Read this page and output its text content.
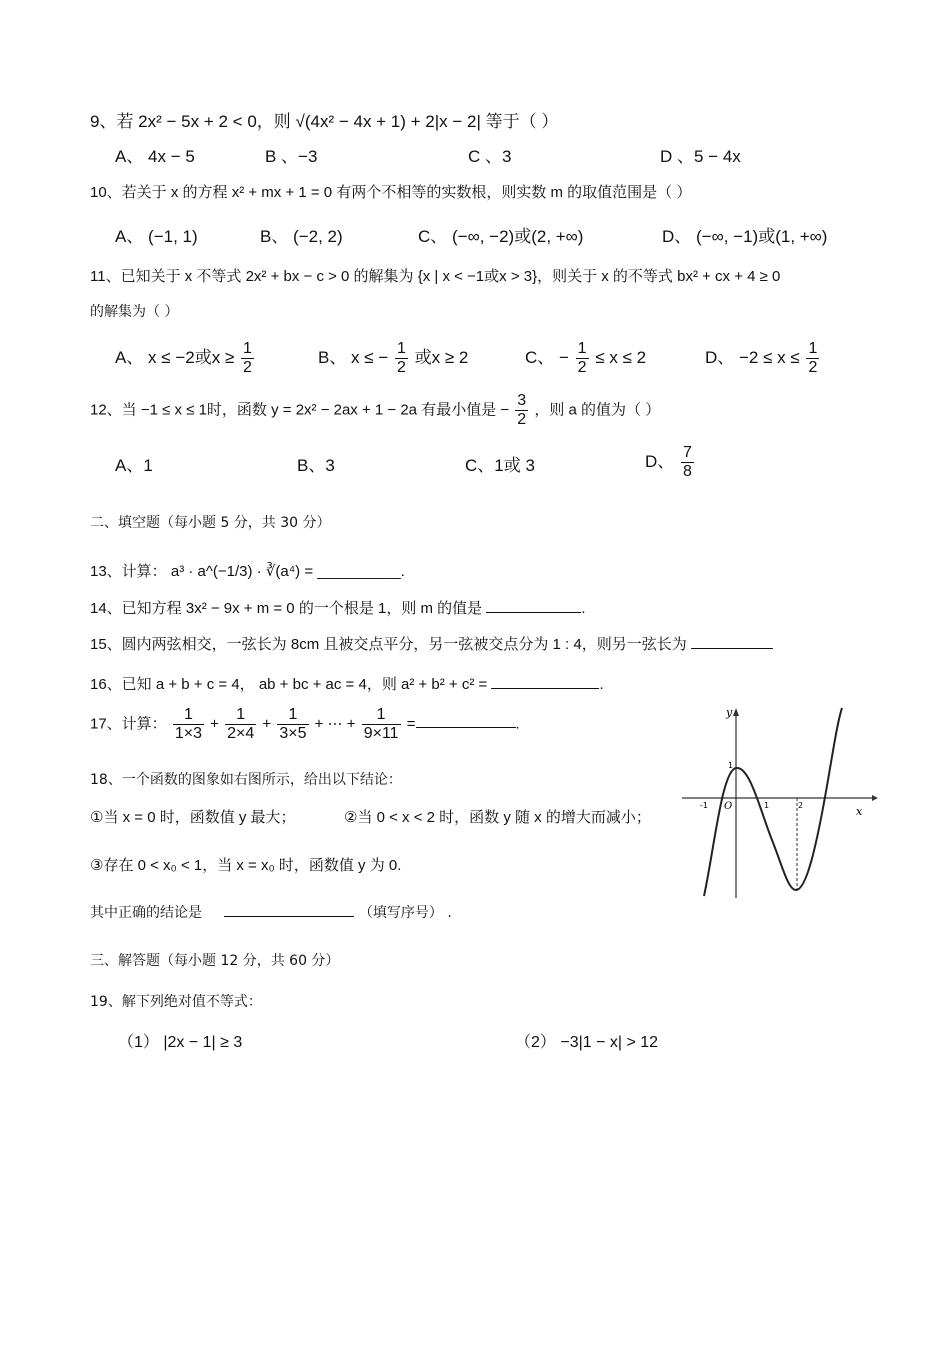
9、若 2x² − 5x + 2 < 0，则 √(4x² − 4x + 1) + 2|x − 2| 等于（ ）
A、 4x − 5	B 、−3	C 、3	D 、5 − 4x
10、若关于 x 的方程 x² + mx + 1 = 0 有两个不相等的实数根，则实数 m 的取值范围是（ ）
A、 (−1, 1)	B、 (−2, 2)	C、 (−∞, −2)或(2, +∞)	D、 (−∞, −1)或(1, +∞)
11、已知关于 x 不等式 2x² + bx − c > 0 的解集为 {x | x < −1或x > 3}，则关于 x 的不等式 bx² + cx + 4 ≥ 0
的解集为（ ）
A、 x ≤ −2或$x \ge \frac{1}{2}$	B、 x ≤ − $\frac{1}{2}$ 或x ≥ 2	C、 − $\frac{1}{2} \le x \le 2$	D、 $-2 \le x \le \frac{1}{2}$
12、当 −1 ≤ x ≤ 1时，函数 y = 2x² − 2ax + 1 − 2a 有最小值是 − $\frac{3}{2}$ ，则 a 的值为（ ）
A、1	B、3	C、1或 3	D、 $\frac{7}{8}$
二、填空题（每小题 5 分，共 30 分）
13、计算： a³ · a^(−1/3) · ∛(a⁴) = __________.
14、已知方程 3x² − 9x + m = 0 的一个根是 1，则 m 的值是	.
15、圆内两弦相交，一弦长为 8cm 且被交点平分，另一弦被交点分为 1 : 4，则另一弦长为
16、已知 a + b + c = 4， ab + bc + ac = 4，则 a² + b² + c² =	.
17、计算： $\frac{1}{1\times 3} + \frac{1}{2\times 4} + \frac{1}{3\times 5}$ + ⋯ + $\frac{1}{9\times 11}$ =	.
18、一个函数的图象如右图所示，给出以下结论：
①当 x = 0 时，函数值 y 最大；	②当 0 < x < 2 时，函数 y 随 x 的增大而减小；
③存在 0 < x₀ < 1，当 x = x₀ 时，函数值 y 为 0.
其中正确的结论是	（填写序号） .
y
x
O
-1	1	2
1
三、解答题（每小题 12 分，共 60 分）
19、解下列绝对值不等式：
（1） |2x − 1| ≥ 3	（2） −3|1 − x| > 12
